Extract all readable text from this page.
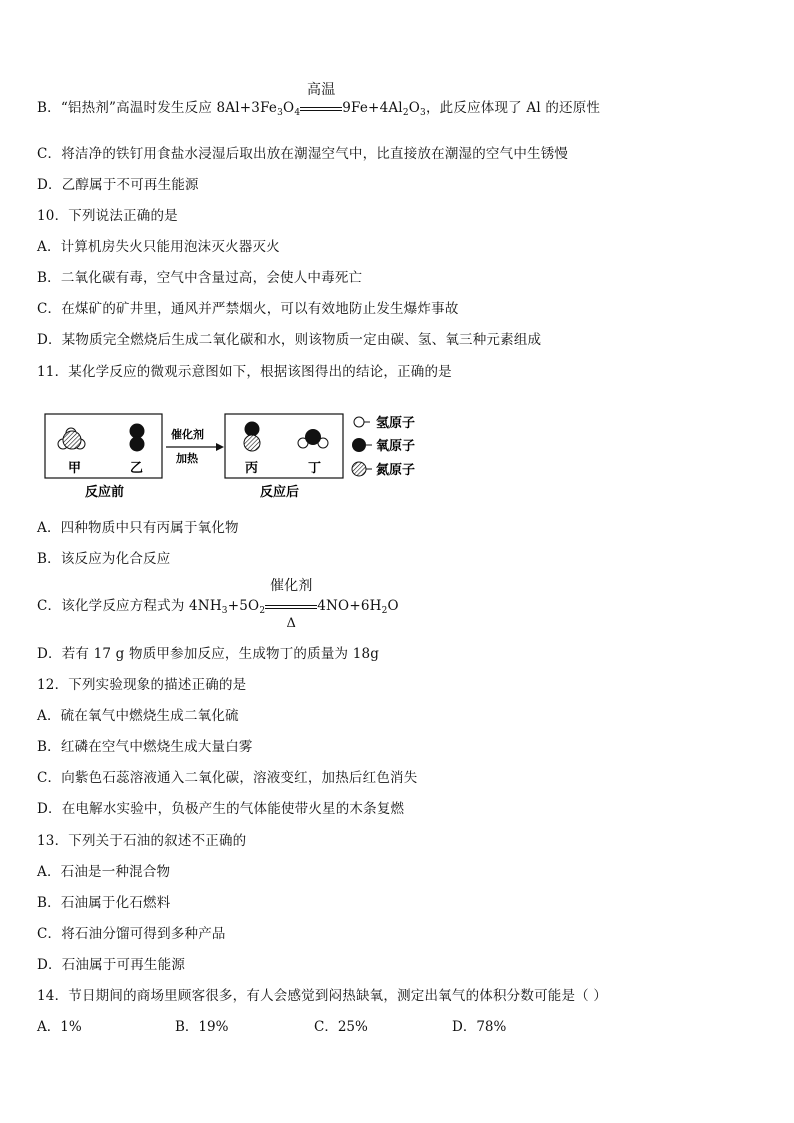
B．“铝热剂”高温时发生反应 $8Al+3Fe_3O_4$
高温
$9Fe+4Al_2O_3$，此反应体现了 Al 的还原性
C．将洁净的铁钉用食盐水浸湿后取出放在潮湿空气中，比直接放在潮湿的空气中生锈慢
D．乙醇属于不可再生能源
10．下列说法正确的是
A．计算机房失火只能用泡沫灭火器灭火
B．二氧化碳有毒，空气中含量过高，会使人中毒死亡
C．在煤矿的矿井里，通风并严禁烟火，可以有效地防止发生爆炸事故
D．某物质完全燃烧后生成二氧化碳和水，则该物质一定由碳、氢、氧三种元素组成
11．某化学反应的微观示意图如下，根据该图得出的结论，正确的是
甲	乙
反应前
催化剂
加热
丙	丁
反应后
氢原子
氧原子
氮原子
A．四种物质中只有丙属于氧化物
B．该反应为化合反应
C．该化学反应方程式为 $4NH_3+5O_2$
催化剂
Δ
$4NO+6H_2O$
D．若有 17 g 物质甲参加反应，生成物丁的质量为 18g
12．下列实验现象的描述正确的是
A．硫在氧气中燃烧生成二氧化硫
B．红磷在空气中燃烧生成大量白雾
C．向紫色石蕊溶液通入二氧化碳，溶液变红，加热后红色消失
D．在电解水实验中，负极产生的气体能使带火星的木条复燃
13．下列关于石油的叙述不正确的
A．石油是一种混合物
B．石油属于化石燃料
C．将石油分馏可得到多种产品
D．石油属于可再生能源
14．节日期间的商场里顾客很多，有人会感觉到闷热缺氧，测定出氧气的体积分数可能是（ ）
A．1%	B．19%	C．25%	D．78%
